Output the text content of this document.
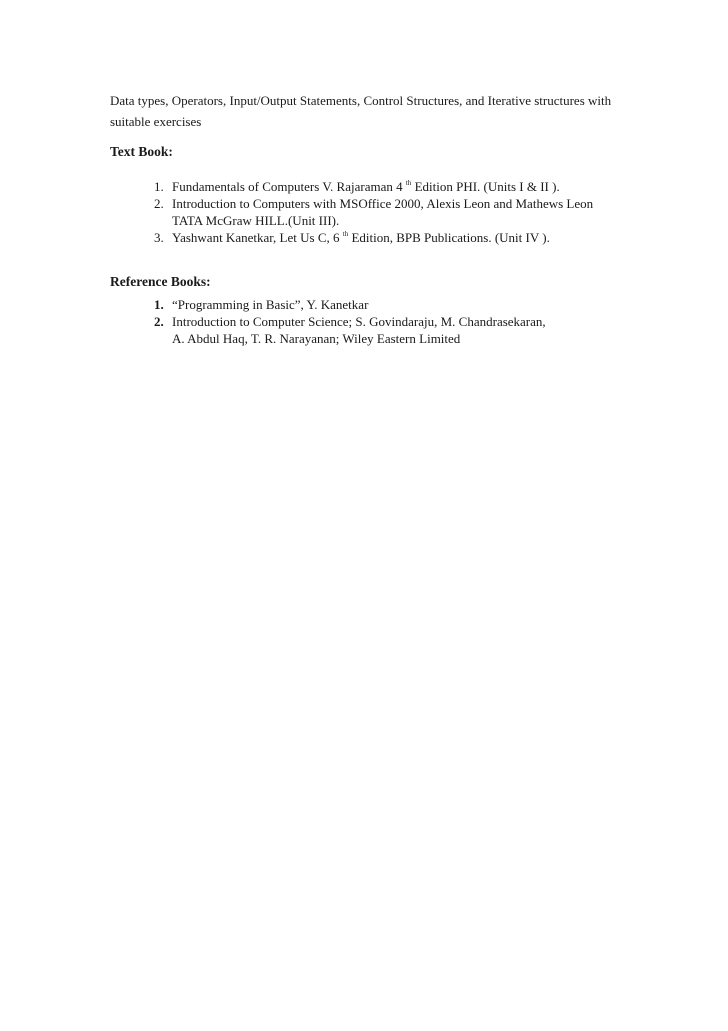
Data types, Operators, Input/Output Statements, Control Structures, and Iterative structures with
suitable exercises
Text Book:
1. Fundamentals of Computers V. Rajaraman 4 $^{th}$ Edition PHI. (Units I & II ).
2. Introduction to Computers with MSOffice 2000, Alexis Leon and Mathews Leon
TATA McGraw HILL.(Unit III).
3. Yashwant Kanetkar, Let Us C, 6 $^{th}$ Edition, BPB Publications. (Unit IV ).
Reference Books:
1. “Programming in Basic”, Y. Kanetkar
2. Introduction to Computer Science; S. Govindaraju, M. Chandrasekaran,
A. Abdul Haq, T. R. Narayanan; Wiley Eastern Limited
